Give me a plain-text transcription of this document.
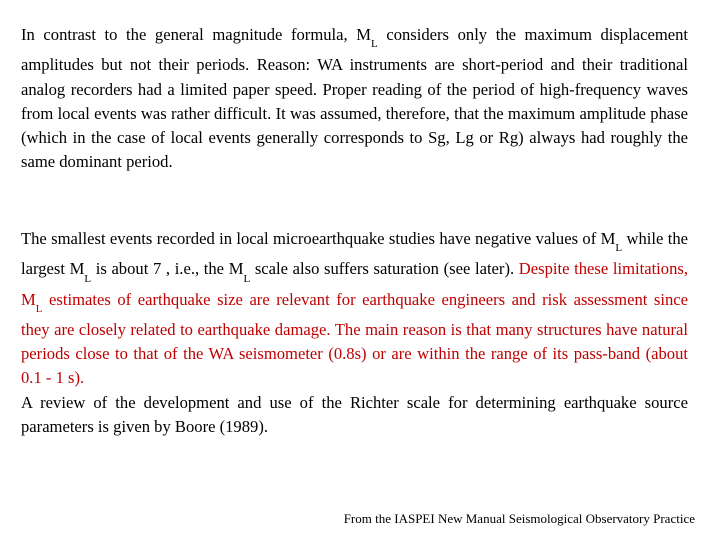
In contrast to the general magnitude formula, $M_L$ considers only the maximum displacement amplitudes but not their periods. Reason: WA instruments are short-period and their traditional analog recorders had a limited paper speed. Proper reading of the period of high-frequency waves from local events was rather difficult. It was assumed, therefore, that the maximum amplitude phase (which in the case of local events generally corresponds to Sg, Lg or Rg) always had roughly the same dominant period.

The smallest events recorded in local microearthquake studies have negative values of $M_L$ while the largest $M_L$ is about 7 , i.e., the $M_L$ scale also suffers saturation (see later). Despite these limitations, $M_L$ estimates of earthquake size are relevant for earthquake engineers and risk assessment since they are closely related to earthquake damage. The main reason is that many structures have natural periods close to that of the WA seismometer (0.8s) or are within the range of its pass-band (about 0.1 - 1 s).
A review of the development and use of the Richter scale for determining earthquake source parameters is given by Boore (1989).

From the IASPEI New Manual Seismological Observatory Practice
